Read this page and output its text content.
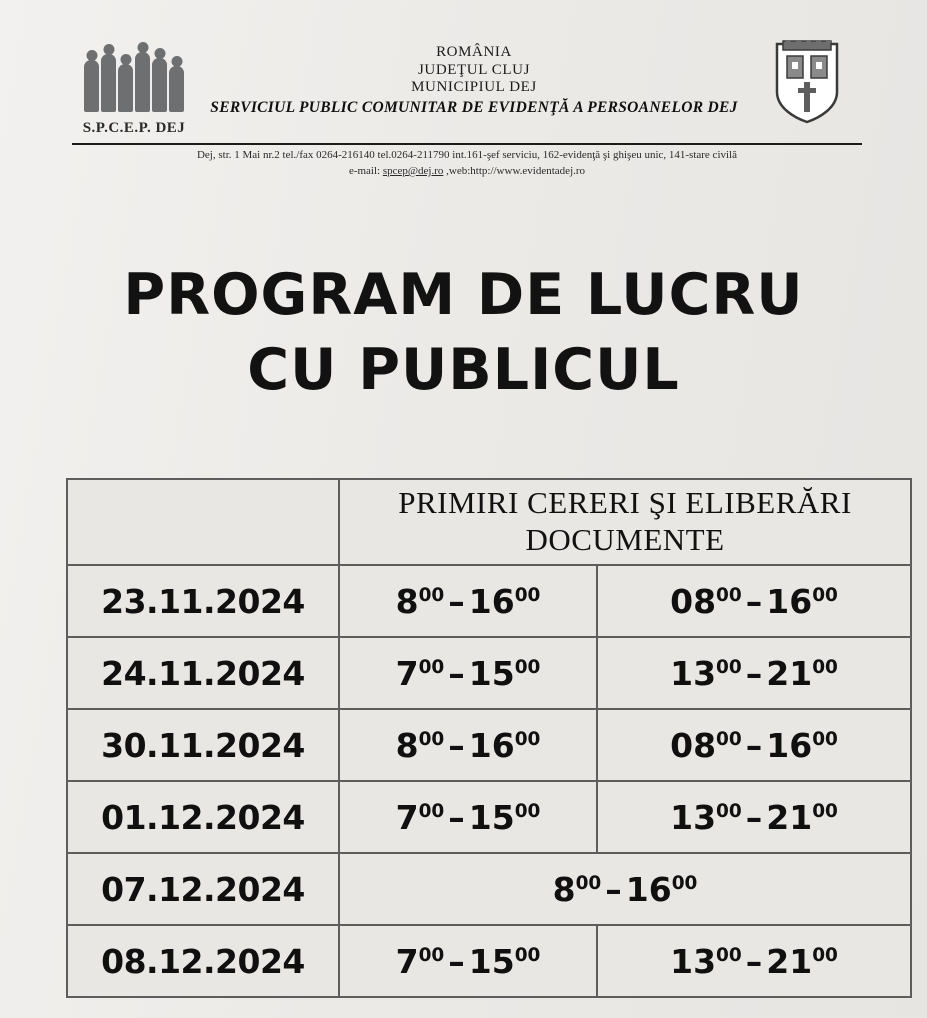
S.P.C.E.P. DEJ
ROMÂNIA
JUDEŢUL CLUJ
MUNICIPIUL DEJ
SERVICIUL PUBLIC COMUNITAR DE EVIDENŢĂ A PERSOANELOR DEJ
Dej, str. 1 Mai nr.2 tel./fax 0264-216140 tel.0264-211790 int.161-şef serviciu, 162-evidenţă şi ghişeu unic, 141-stare civilă
e-mail: spcep@dej.ro ,web:http://www.evidentadej.ro
PROGRAM DE LUCRU
CU PUBLICUL
	PRIMIRI CERERI ŞI ELIBERĂRI DOCUMENTE	
23.11.2024	$8^{00} - 16^{00}$	$08^{00} - 16^{00}$
24.11.2024	$7^{00} - 15^{00}$	$13^{00} - 21^{00}$
30.11.2024	$8^{00} - 16^{00}$	$08^{00} - 16^{00}$
01.12.2024	$7^{00} - 15^{00}$	$13^{00} - 21^{00}$
07.12.2024	$8^{00} - 16^{00}$
08.12.2024	$7^{00} - 15^{00}$	$13^{00} - 21^{00}$
